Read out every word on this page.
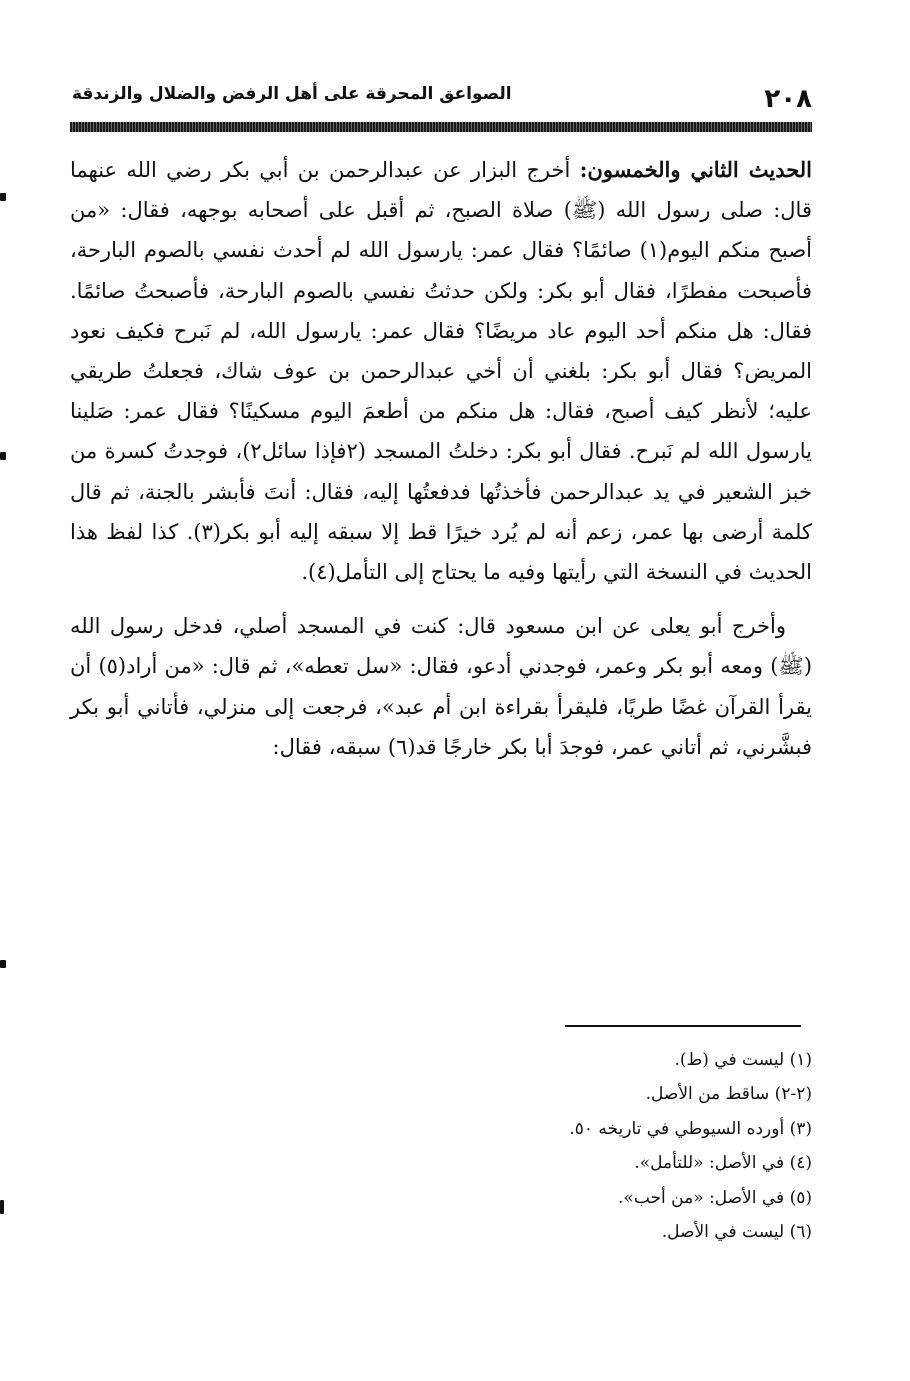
٢٠٨
الصواعق المحرقة على أهل الرفض والضلال والزندقة

الحديث الثاني والخمسون: أخرج البزار عن عبدالرحمن بن أبي بكر رضي الله عنهما قال: صلى رسول الله (ﷺ) صلاة الصبح، ثم أقبل على أصحابه بوجهه، فقال: «من أصبح منكم اليوم(١) صائمًا؟ فقال عمر: يارسول الله لم أحدث نفسي بالصوم البارحة، فأصبحت مفطرًا، فقال أبو بكر: ولكن حدثتُ نفسي بالصوم البارحة، فأصبحتُ صائمًا. فقال: هل منكم أحد اليوم عاد مريضًا؟ فقال عمر: يارسول الله، لم نَبرح فكيف نعود المريض؟ فقال أبو بكر: بلغني أن أخي عبدالرحمن بن عوف شاك، فجعلتُ طريقي عليه؛ لأنظر كيف أصبح، فقال: هل منكم من أطعمَ اليوم مسكينًا؟ فقال عمر: صَلينا يارسول الله لم نَبرح. فقال أبو بكر: دخلتُ المسجد (٢فإذا سائل٢)، فوجدتُ كسرة من خبز الشعير في يد عبدالرحمن فأخذتُها فدفعتُها إليه، فقال: أنتَ فأبشر بالجنة، ثم قال كلمة أرضى بها عمر، زعم أنه لم يُرد خيرًا قط إلا سبقه إليه أبو بكر(٣). كذا لفظ هذا الحديث في النسخة التي رأيتها وفيه ما يحتاج إلى التأمل(٤).

وأخرج أبو يعلى عن ابن مسعود قال: كنت في المسجد أصلي، فدخل رسول الله (ﷺ) ومعه أبو بكر وعمر، فوجدني أدعو، فقال: «سل تعطه»، ثم قال: «من أراد(٥) أن يقرأ القرآن غضًا طريًا، فليقرأ بقراءة ابن أم عبد»، فرجعت إلى منزلي، فأتاني أبو بكر فبشَّرني، ثم أتاني عمر، فوجدَ أبا بكر خارجًا قد(٦) سبقه، فقال:

(١) ليست في (ط).
(٢-٢) ساقط من الأصل.
(٣) أورده السيوطي في تاريخه ٥٠.
(٤) في الأصل: «للتأمل».
(٥) في الأصل: «من أحب».
(٦) ليست في الأصل.
